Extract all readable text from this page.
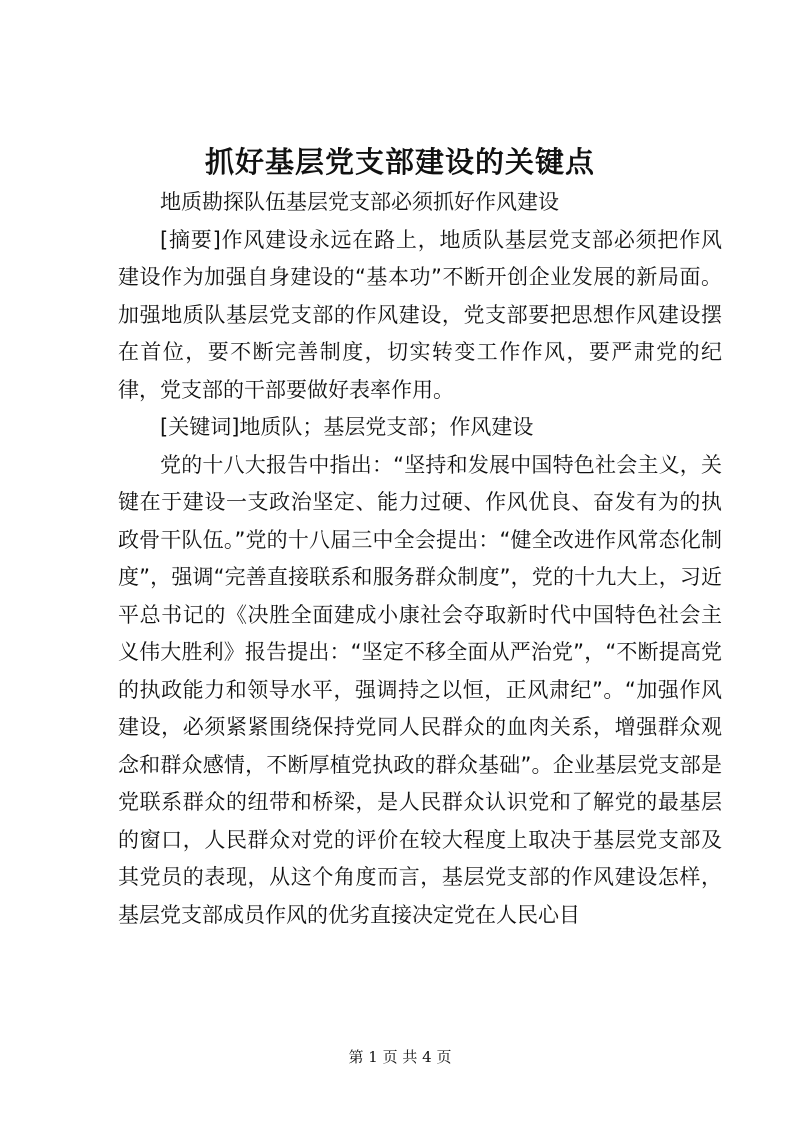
抓好基层党支部建设的关键点

地质勘探队伍基层党支部必须抓好作风建设

[摘要]作风建设永远在路上，地质队基层党支部必须把作风建设作为加强自身建设的“基本功”不断开创企业发展的新局面。加强地质队基层党支部的作风建设，党支部要把思想作风建设摆在首位，要不断完善制度，切实转变工作作风，要严肃党的纪律，党支部的干部要做好表率作用。

[关键词]地质队；基层党支部；作风建设

党的十八大报告中指出：“坚持和发展中国特色社会主义，关键在于建设一支政治坚定、能力过硬、作风优良、奋发有为的执政骨干队伍。”党的十八届三中全会提出：“健全改进作风常态化制度”，强调“完善直接联系和服务群众制度”，党的十九大上，习近平总书记的《决胜全面建成小康社会夺取新时代中国特色社会主义伟大胜利》报告提出：“坚定不移全面从严治党”，“不断提高党的执政能力和领导水平，强调持之以恒，正风肃纪”。“加强作风建设，必须紧紧围绕保持党同人民群众的血肉关系，增强群众观念和群众感情，不断厚植党执政的群众基础”。企业基层党支部是党联系群众的纽带和桥梁，是人民群众认识党和了解党的最基层的窗口，人民群众对党的评价在较大程度上取决于基层党支部及其党员的表现，从这个角度而言，基层党支部的作风建设怎样，基层党支部成员作风的优劣直接决定党在人民心目

第 1 页 共 4 页
